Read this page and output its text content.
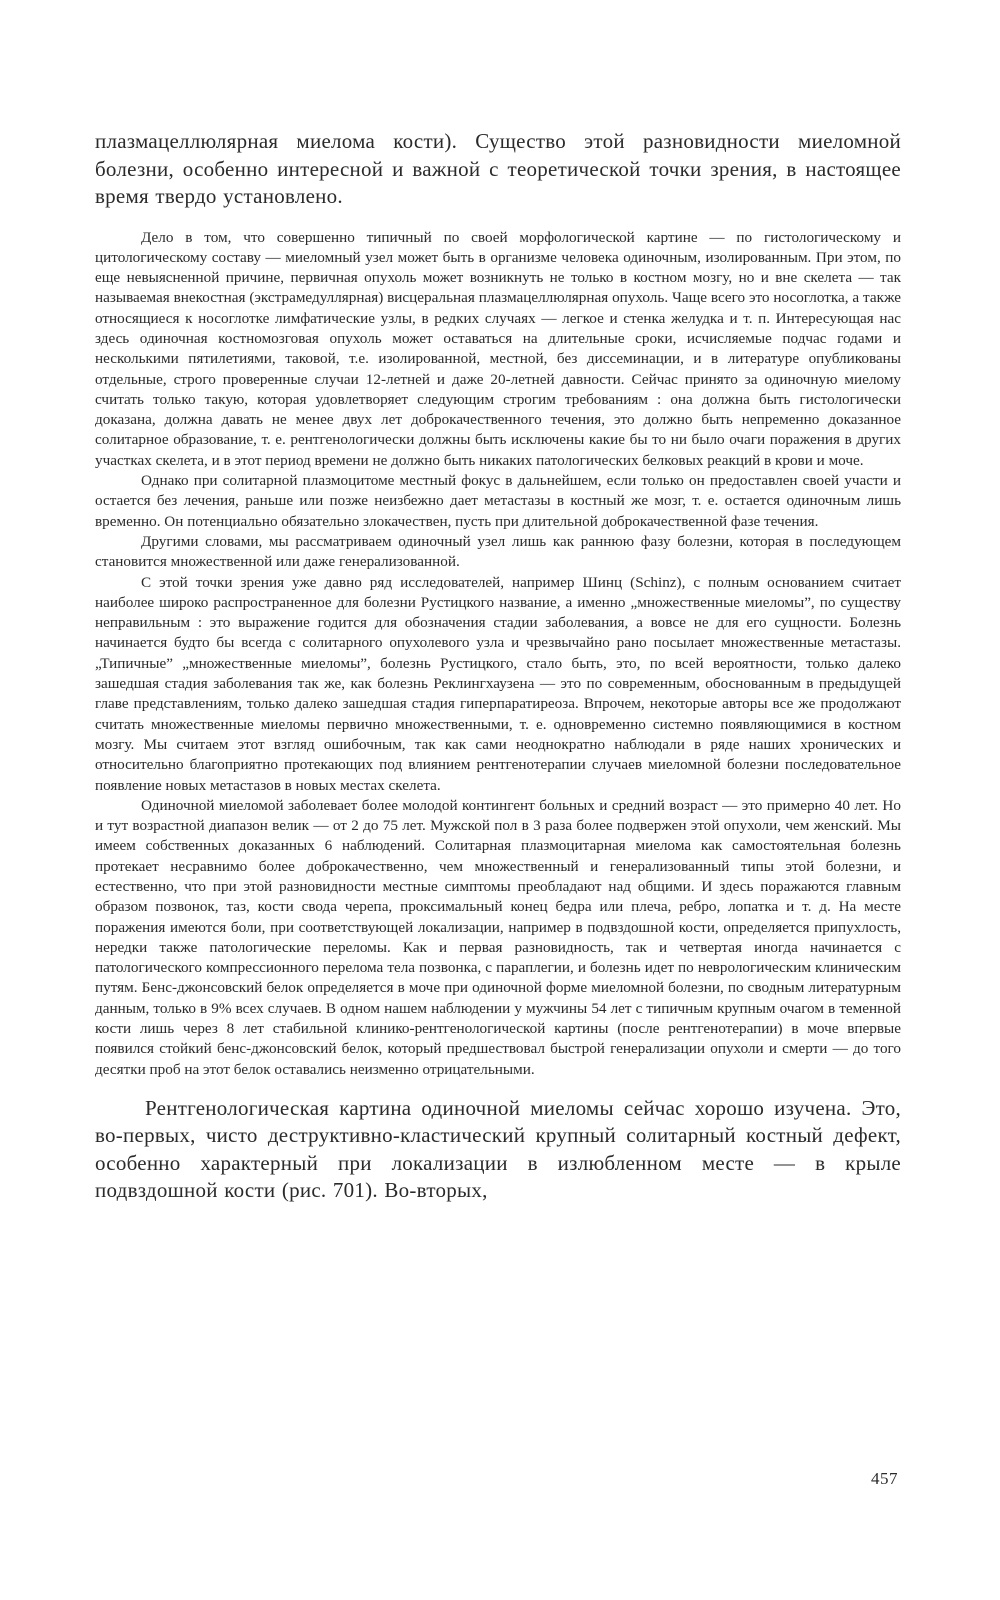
плазмацеллюлярная миелома кости). Существо этой разновидности миеломной болезни, особенно интересной и важной с теоретической точки зрения, в настоящее время твердо установлено.

Дело в том, что совершенно типичный по своей морфологической картине — по гистологическому и цитологическому составу — миеломный узел может быть в организме человека одиночным, изолированным. При этом, по еще невыясненной причине, первичная опухоль может возникнуть не только в костном мозгу, но и вне скелета — так называемая внекостная (экстрамедуллярная) висцеральная плазмацеллюлярная опухоль. Чаще всего это носоглотка, а также относящиеся к носоглотке лимфатические узлы, в редких случаях — легкое и стенка желудка и т. п. Интересующая нас здесь одиночная костномозговая опухоль может оставаться на длительные сроки, исчисляемые подчас годами и несколькими пятилетиями, таковой, т.е. изолированной, местной, без диссеминации, и в литературе опубликованы отдельные, строго проверенные случаи 12-летней и даже 20-летней давности. Сейчас принято за одиночную миелому считать только такую, которая удовлетворяет следующим строгим требованиям : она должна быть гистологически доказана, должна давать не менее двух лет доброкачественного течения, это должно быть непременно доказанное солитарное образование, т. е. рентгенологически должны быть исключены какие бы то ни было очаги поражения в других участках скелета, и в этот период времени не должно быть никаких патологических белковых реакций в крови и моче.

Однако при солитарной плазмоцитоме местный фокус в дальнейшем, если только он предоставлен своей участи и остается без лечения, раньше или позже неизбежно дает метастазы в костный же мозг, т. е. остается одиночным лишь временно. Он потенциально обязательно злокачествен, пусть при длительной доброкачественной фазе течения.

Другими словами, мы рассматриваем одиночный узел лишь как раннюю фазу болезни, которая в последующем становится множественной или даже генерализованной.

С этой точки зрения уже давно ряд исследователей, например Шинц (Schinz), с полным основанием считает наиболее широко распространенное для болезни Рустицкого название, а именно „множественные миеломы”, по существу неправильным : это выражение годится для обозначения стадии заболевания, а вовсе не для его сущности. Болезнь начинается будто бы всегда с солитарного опухолевого узла и чрезвычайно рано посылает множественные метастазы. „Типичные” „множественные миеломы”, болезнь Рустицкого, стало быть, это, по всей вероятности, только далеко зашедшая стадия заболевания так же, как болезнь Реклингхаузена — это по современным, обоснованным в предыдущей главе представлениям, только далеко зашедшая стадия гиперпаратиреоза. Впрочем, некоторые авторы все же продолжают считать множественные миеломы первично множественными, т. е. одновременно системно появляющимися в костном мозгу. Мы считаем этот взгляд ошибочным, так как сами неоднократно наблюдали в ряде наших хронических и относительно благоприятно протекающих под влиянием рентгенотерапии случаев миеломной болезни последовательное появление новых метастазов в новых местах скелета.

Одиночной миеломой заболевает более молодой контингент больных и средний возраст — это примерно 40 лет. Но и тут возрастной диапазон велик — от 2 до 75 лет. Мужской пол в 3 раза более подвержен этой опухоли, чем женский. Мы имеем собственных доказанных 6 наблюдений. Солитарная плазмоцитарная миелома как самостоятельная болезнь протекает несравнимо более доброкачественно, чем множественный и генерализованный типы этой болезни, и естественно, что при этой разновидности местные симптомы преобладают над общими. И здесь поражаются главным образом позвонок, таз, кости свода черепа, проксимальный конец бедра или плеча, ребро, лопатка и т. д. На месте поражения имеются боли, при соответствующей локализации, например в подвздошной кости, определяется припухлость, нередки также патологические переломы. Как и первая разновидность, так и четвертая иногда начинается с патологического компрессионного перелома тела позвонка, с параплегии, и болезнь идет по неврологическим клиническим путям. Бенс-джонсовский белок определяется в моче при одиночной форме миеломной болезни, по сводным литературным данным, только в 9% всех случаев. В одном нашем наблюдении у мужчины 54 лет с типичным крупным очагом в теменной кости лишь через 8 лет стабильной клинико-рентгенологической картины (после рентгенотерапии) в моче впервые появился стойкий бенс-джонсовский белок, который предшествовал быстрой генерализации опухоли и смерти — до того десятки проб на этот белок оставались неизменно отрицательными.

Рентгенологическая картина одиночной миеломы сейчас хорошо изучена. Это, во-первых, чисто деструктивно-кластический крупный солитарный костный дефект, особенно характерный при локализации в излюбленном месте — в крыле подвздошной кости (рис. 701). Во-вторых,

457
